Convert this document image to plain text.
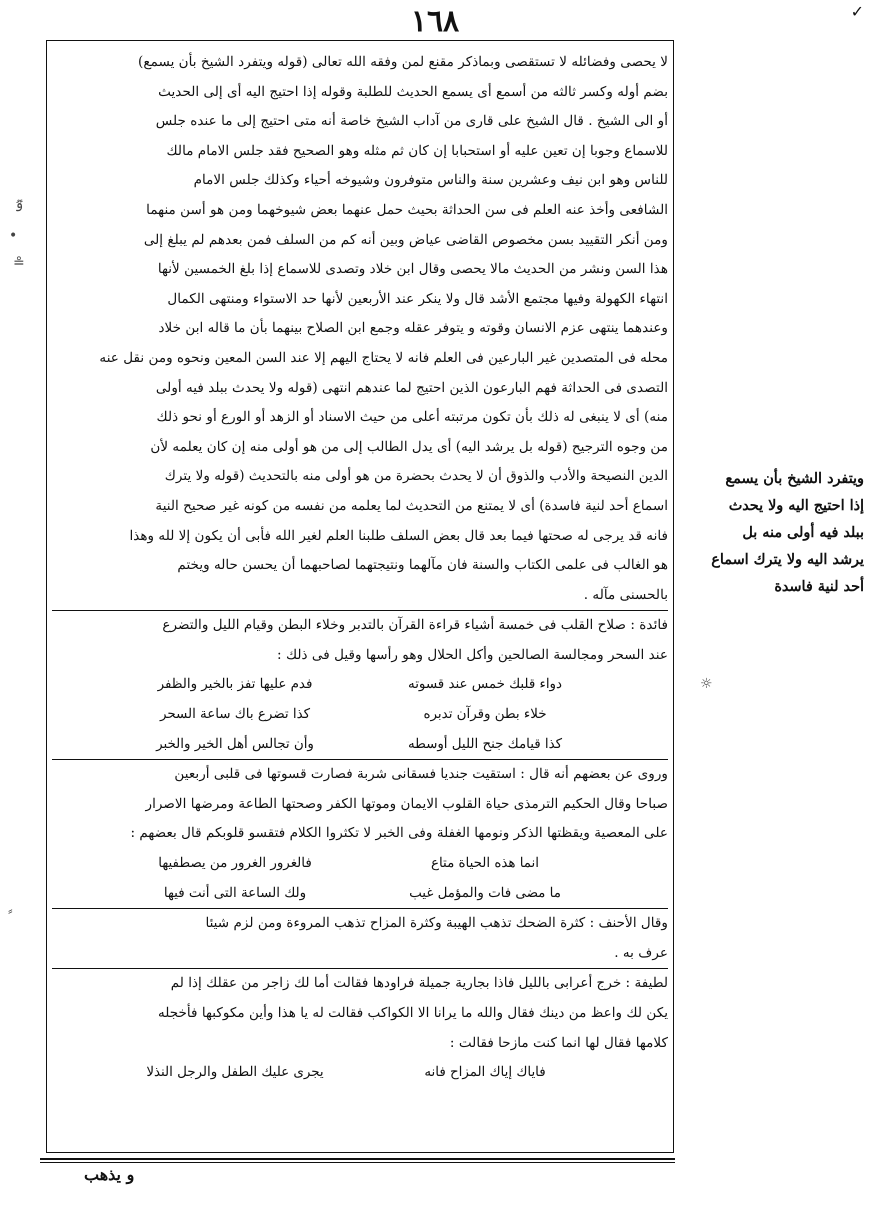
١٦٨	✓

لا يحصى وفضائله لا تستقصى وبماذكر مقنع لمن وفقه الله تعالى (قوله ويتفرد الشيخ بأن يسمع)

بضم أوله وكسر ثالثه من أسمع أى يسمع الحديث للطلبة وقوله إذا احتيج اليه أى إلى الحديث

أو الى الشيخ . قال الشيخ على قارى من آداب الشيخ خاصة أنه متى احتيج إلى ما عنده جلس

للاسماع وجوبا إن تعين عليه أو استحبابا إن كان ثم مثله وهو الصحيح فقد جلس الامام مالك

للناس وهو ابن نيف وعشرين سنة والناس متوفرون وشيوخه أحياء وكذلك جلس الامام

الشافعى وأخذ عنه العلم فى سن الحداثة بحيث حمل عنهما بعض شيوخهما ومن هو أسن منهما

ومن أنكر التقييد بسن مخصوص القاضى عياض وبين أنه كم من السلف فمن بعدهم لم يبلغ إلى

هذا السن ونشر من الحديث مالا يحصى وقال ابن خلاد وتصدى للاسماع إذا بلغ الخمسين لأنها

انتهاء الكهولة وفيها مجتمع الأشد قال ولا ينكر عند الأربعين لأنها حد الاستواء ومنتهى الكمال

وعندهما ينتهى عزم الانسان وقوته و يتوفر عقله وجمع ابن الصلاح بينهما بأن ما قاله ابن خلاد

محله فى المتصدين غير البارعين فى العلم فانه لا يحتاج اليهم إلا عند السن المعين ونحوه ومن نقل عنه

التصدى فى الحداثة فهم البارعون الذين احتيج لما عندهم انتهى (قوله ولا يحدث ببلد فيه أولى

منه) أى لا ينبغى له ذلك بأن تكون مرتبته أعلى من حيث الاسناد أو الزهد أو الورع أو نحو ذلك

من وجوه الترجيح (قوله بل يرشد اليه) أى يدل الطالب إلى من هو أولى منه إن كان يعلمه لأن

الدين النصيحة والأدب والذوق أن لا يحدث بحضرة من هو أولى منه بالتحديث (قوله ولا يترك

اسماع أحد لنية فاسدة) أى لا يمتنع من التحديث لما يعلمه من نفسه من كونه غير صحيح النية

فانه قد يرجى له صحتها فيما بعد قال بعض السلف طلبنا العلم لغير الله فأبى أن يكون إلا لله وهذا

هو الغالب فى علمى الكتاب والسنة فان مآلهما ونتيجتهما لصاحبهما أن يحسن حاله ويختم

بالحسنى مآله .

فائدة : صلاح القلب فى خمسة أشياء قراءة القرآن بالتدبر وخلاء البطن وقيام الليل والتضرع

عند السحر ومجالسة الصالحين وأكل الحلال وهو رأسها وقيل فى ذلك :

دواء قلبك خمس عند قسوته
فدم عليها تفز بالخير والظفر
خلاء بطن وقرآن تدبره
كذا تضرع باك ساعة السحر
كذا قيامك جنح الليل أوسطه
وأن تجالس أهل الخير والخبر

وروى عن بعضهم أنه قال : استقيت جنديا فسقانى شربة فصارت قسوتها فى قلبى أربعين

صباحا وقال الحكيم الترمذى حياة القلوب الايمان وموتها الكفر وصحتها الطاعة ومرضها الاصرار

على المعصية ويقظتها الذكر ونومها الغفلة وفى الخبر لا تكثروا الكلام فتقسو قلوبكم قال بعضهم :

انما هذه الحياة متاع
فالغرور الغرور من يصطفيها
ما مضى فات والمؤمل غيب
ولك الساعة التى أنت فيها

وقال الأحنف : كثرة الضحك تذهب الهيبة وكثرة المزاح تذهب المروءة ومن لزم شيئا

عرف به .

لطيفة : خرج أعرابى بالليل فاذا بجارية جميلة فراودها فقالت أما لك زاجر من عقلك إذا لم

يكن لك واعظ من دينك فقال والله ما يرانا الا الكواكب فقالت له يا هذا وأين مكوكبها فأخجله

كلامها فقال لها انما كنت مازحا فقالت :

فاياك إياك المزاح فانه
يجرى عليك الطفل والرجل النذلا
ويتفرد الشيخ بأن يسمع
إذا احتيج اليه ولا يحدث
ببلد فيه أولى منه بل
يرشد اليه ولا يترك اسماع
أحد لنية فاسدة
و يذهب
ٷ
•
≗
☼
⸗
